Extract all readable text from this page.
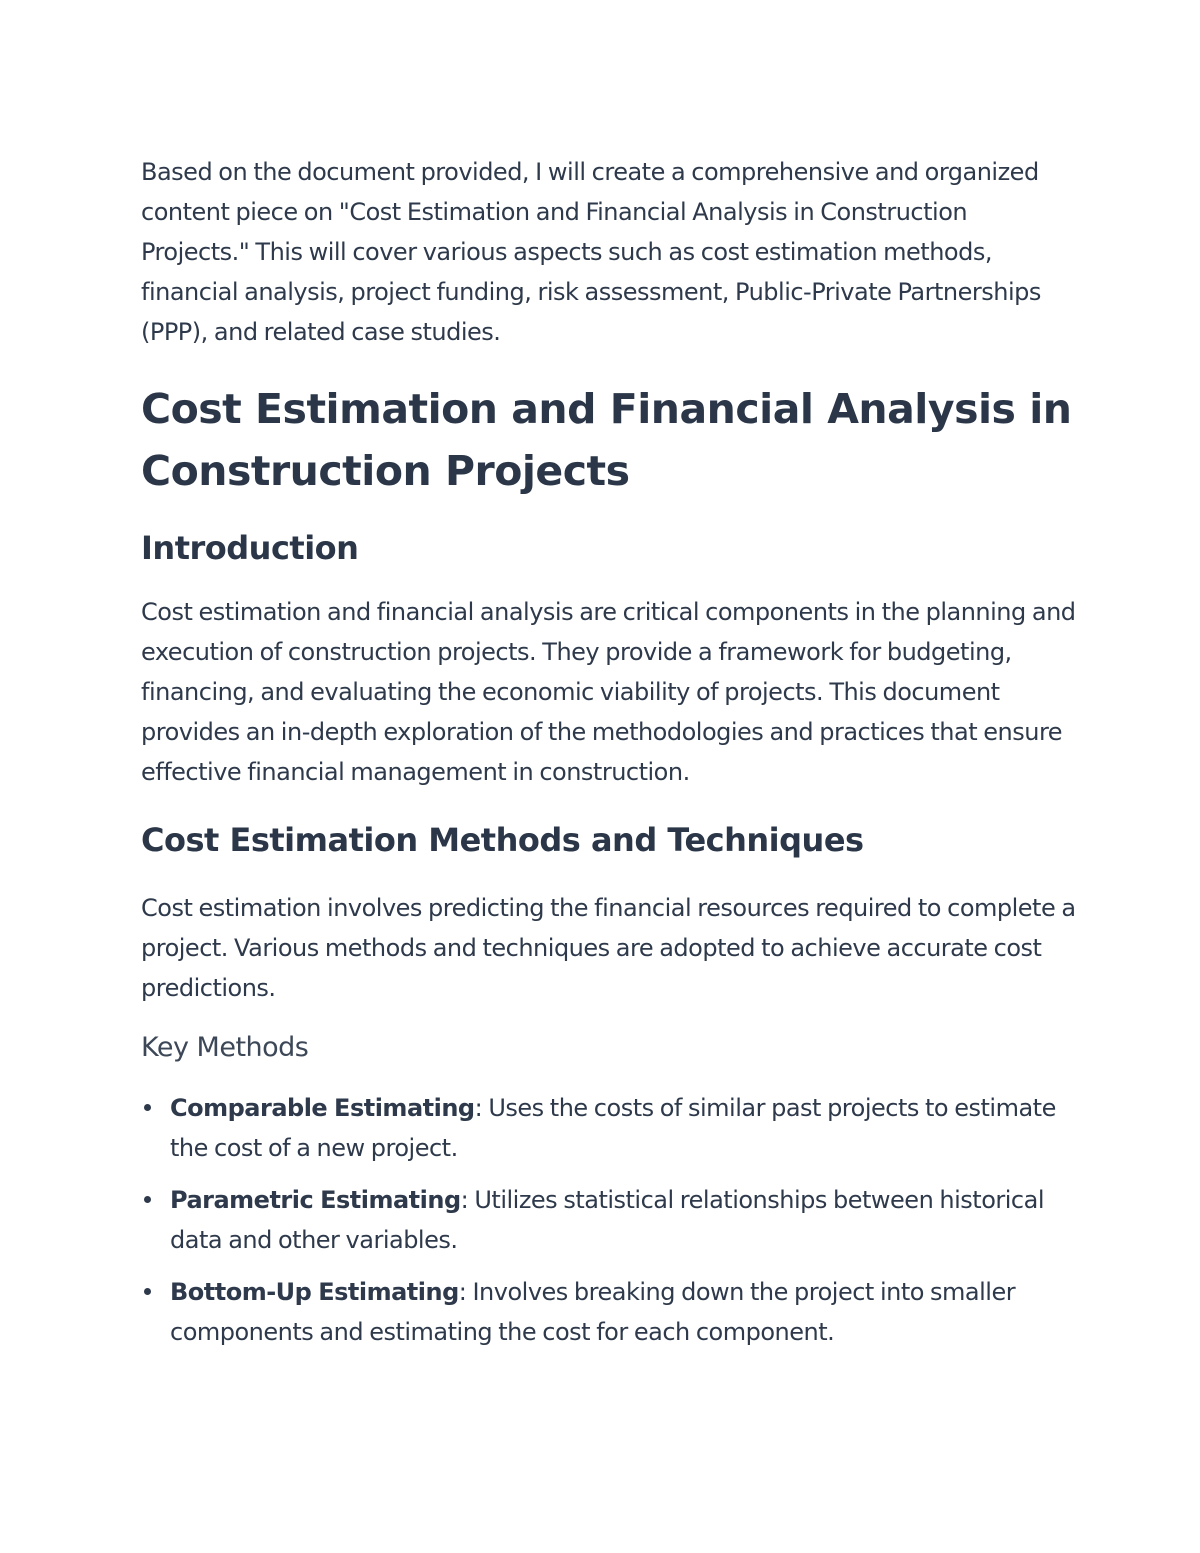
Based on the document provided, I will create a comprehensive and organized content piece on "Cost Estimation and Financial Analysis in Construction Projects." This will cover various aspects such as cost estimation methods, financial analysis, project funding, risk assessment, Public-Private Partnerships (PPP), and related case studies.

Cost Estimation and Financial Analysis in Construction Projects
Introduction

Cost estimation and financial analysis are critical components in the planning and execution of construction projects. They provide a framework for budgeting, financing, and evaluating the economic viability of projects. This document provides an in-depth exploration of the methodologies and practices that ensure effective financial management in construction.

Cost Estimation Methods and Techniques

Cost estimation involves predicting the financial resources required to complete a project. Various methods and techniques are adopted to achieve accurate cost predictions.

Key Methods
Comparable Estimating: Uses the costs of similar past projects to estimate the cost of a new project.
Parametric Estimating: Utilizes statistical relationships between historical data and other variables.
Bottom-Up Estimating: Involves breaking down the project into smaller components and estimating the cost for each component.
